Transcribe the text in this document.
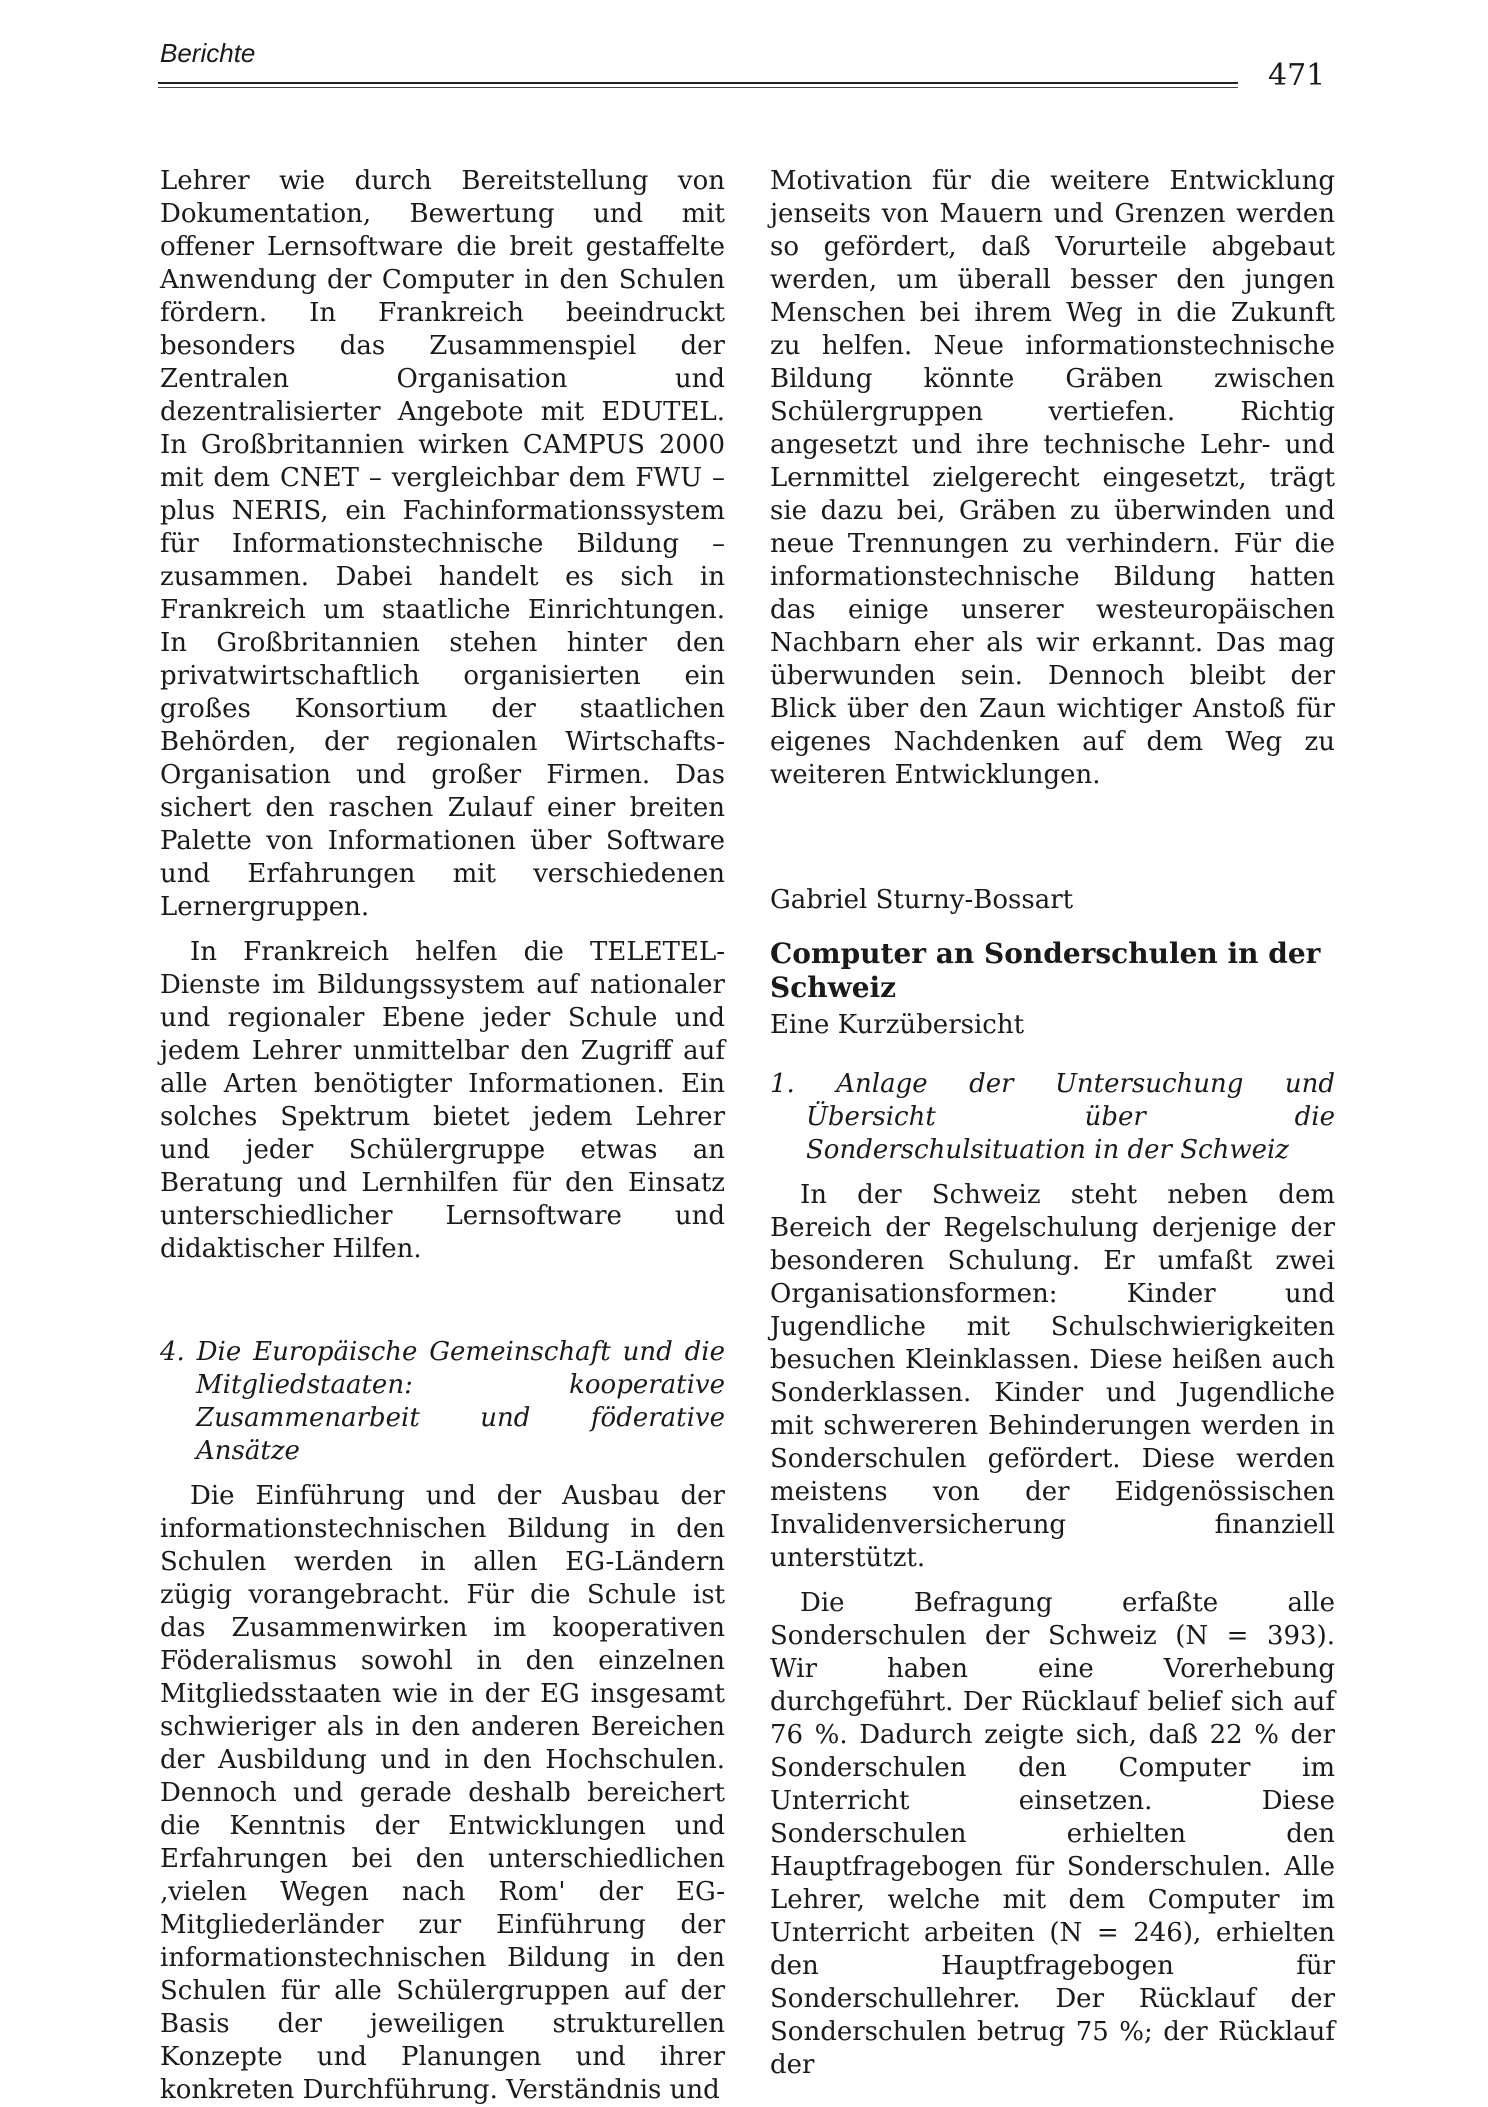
Berichte
471

Lehrer wie durch Bereitstellung von Dokumentation, Bewertung und mit offener Lernsoftware die breit gestaffelte Anwendung der Computer in den Schulen fördern. In Frankreich beeindruckt besonders das Zusammenspiel der Zentralen Organisation und dezentralisierter Angebote mit EDUTEL. In Großbritannien wirken CAMPUS 2000 mit dem CNET – vergleichbar dem FWU – plus NERIS, ein Fachinformationssystem für Informationstechnische Bildung – zusammen. Dabei handelt es sich in Frankreich um staatliche Einrichtungen. In Großbritannien stehen hinter den privatwirtschaftlich organisierten ein großes Konsortium der staatlichen Behörden, der regionalen Wirtschafts-Organisation und großer Firmen. Das sichert den raschen Zulauf einer breiten Palette von Informationen über Software und Erfahrungen mit verschiedenen Lernergruppen.

In Frankreich helfen die TELETEL-Dienste im Bildungssystem auf nationaler und regionaler Ebene jeder Schule und jedem Lehrer unmittelbar den Zugriff auf alle Arten benötigter Informationen. Ein solches Spektrum bietet jedem Lehrer und jeder Schülergruppe etwas an Beratung und Lernhilfen für den Einsatz unterschiedlicher Lernsoftware und didaktischer Hilfen.

4. Die Europäische Gemeinschaft und die Mitgliedstaaten: kooperative Zusammenarbeit und föderative Ansätze

Die Einführung und der Ausbau der informationstechnischen Bildung in den Schulen werden in allen EG-Ländern zügig vorangebracht. Für die Schule ist das Zusammenwirken im kooperativen Föderalismus sowohl in den einzelnen Mitgliedsstaaten wie in der EG insgesamt schwieriger als in den anderen Bereichen der Ausbildung und in den Hochschulen. Dennoch und gerade deshalb bereichert die Kenntnis der Entwicklungen und Erfahrungen bei den unterschiedlichen ‚vielen Wegen nach Rom' der EG-Mitgliederländer zur Einführung der informationstechnischen Bildung in den Schulen für alle Schülergruppen auf der Basis der jeweiligen strukturellen Konzepte und Planungen und ihrer konkreten Durchführung. Verständnis und

Motivation für die weitere Entwicklung jenseits von Mauern und Grenzen werden so gefördert, daß Vorurteile abgebaut werden, um überall besser den jungen Menschen bei ihrem Weg in die Zukunft zu helfen. Neue informationstechnische Bildung könnte Gräben zwischen Schülergruppen vertiefen. Richtig angesetzt und ihre technische Lehr- und Lernmittel zielgerecht eingesetzt, trägt sie dazu bei, Gräben zu überwinden und neue Trennungen zu verhindern. Für die informationstechnische Bildung hatten das einige unserer westeuropäischen Nachbarn eher als wir erkannt. Das mag überwunden sein. Dennoch bleibt der Blick über den Zaun wichtiger Anstoß für eigenes Nachdenken auf dem Weg zu weiteren Entwicklungen.

Gabriel Sturny-Bossart

Computer an Sonderschulen in der Schweiz

Eine Kurzübersicht

1. Anlage der Untersuchung und Übersicht über die Sonderschulsituation in der Schweiz

In der Schweiz steht neben dem Bereich der Regelschulung derjenige der besonderen Schulung. Er umfaßt zwei Organisationsformen: Kinder und Jugendliche mit Schulschwierigkeiten besuchen Kleinklassen. Diese heißen auch Sonderklassen. Kinder und Jugendliche mit schwereren Behinderungen werden in Sonderschulen gefördert. Diese werden meistens von der Eidgenössischen Invalidenversicherung finanziell unterstützt.

Die Befragung erfaßte alle Sonderschulen der Schweiz (N = 393). Wir haben eine Vorerhebung durchgeführt. Der Rücklauf belief sich auf 76 %. Dadurch zeigte sich, daß 22 % der Sonderschulen den Computer im Unterricht einsetzen. Diese Sonderschulen erhielten den Hauptfragebogen für Sonderschulen. Alle Lehrer, welche mit dem Computer im Unterricht arbeiten (N = 246), erhielten den Hauptfragebogen für Sonderschullehrer. Der Rücklauf der Sonderschulen betrug 75 %; der Rücklauf der
